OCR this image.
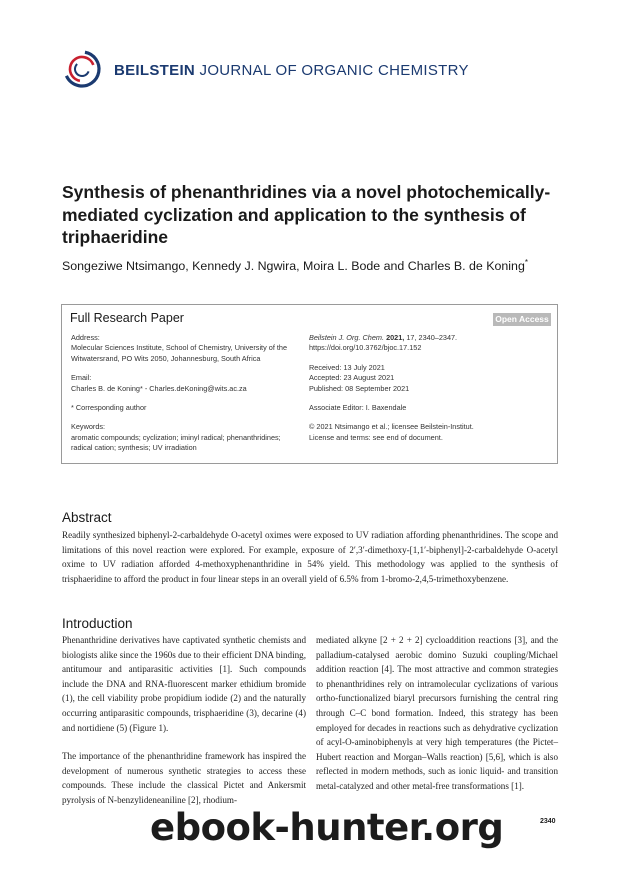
BEILSTEIN JOURNAL OF ORGANIC CHEMISTRY
Synthesis of phenanthridines via a novel photochemically-mediated cyclization and application to the synthesis of triphaeridine
Songeziwe Ntsimango, Kennedy J. Ngwira, Moira L. Bode and Charles B. de Koning*
Full Research Paper	Open Access
Address:
Molecular Sciences Institute, School of Chemistry, University of the Witwatersrand, PO Wits 2050, Johannesburg, South Africa
Email:
Charles B. de Koning* - Charles.deKoning@wits.ac.za
* Corresponding author
Keywords:
aromatic compounds; cyclization; iminyl radical; phenanthridines; radical cation; synthesis; UV irradiation
Beilstein J. Org. Chem. 2021, 17, 2340–2347.
https://doi.org/10.3762/bjoc.17.152
Received: 13 July 2021
Accepted: 23 August 2021
Published: 08 September 2021
Associate Editor: I. Baxendale
© 2021 Ntsimango et al.; licensee Beilstein-Institut.
License and terms: see end of document.
Abstract
Readily synthesized biphenyl-2-carbaldehyde O-acetyl oximes were exposed to UV radiation affording phenanthridines. The scope and limitations of this novel reaction were explored. For example, exposure of 2′,3′-dimethoxy-[1,1′-biphenyl]-2-carbaldehyde O-acetyl oxime to UV radiation afforded 4-methoxyphenanthridine in 54% yield. This methodology was applied to the synthesis of trisphaeridine to afford the product in four linear steps in an overall yield of 6.5% from 1-bromo-2,4,5-trimethoxybenzene.
Introduction
Phenanthridine derivatives have captivated synthetic chemists and biologists alike since the 1960s due to their efficient DNA binding, antitumour and antiparasitic activities [1]. Such compounds include the DNA and RNA-fluorescent marker ethidium bromide (1), the cell viability probe propidium iodide (2) and the naturally occurring antiparasitic compounds, trisphaeridine (3), decarine (4) and nortidiene (5) (Figure 1).
The importance of the phenanthridine framework has inspired the development of numerous synthetic strategies to access these compounds. These include the classical Pictet and Ankersmit pyrolysis of N-benzylideneaniline [2], rhodium-
mediated alkyne [2 + 2 + 2] cycloaddition reactions [3], and the palladium-catalysed aerobic domino Suzuki coupling/Michael addition reaction [4]. The most attractive and common strategies to phenanthridines rely on intramolecular cyclizations of various ortho-functionalized biaryl precursors furnishing the central ring through C–C bond formation. Indeed, this strategy has been employed for decades in reactions such as dehydrative cyclization of acyl-O-aminobiphenyls at very high temperatures (the Pictet–Hubert reaction and Morgan–Walls reaction) [5,6], which is also reflected in modern methods, such as ionic liquid- and transition metal-catalyzed and other metal-free transformations [1].
2340
ebook-hunter.org
